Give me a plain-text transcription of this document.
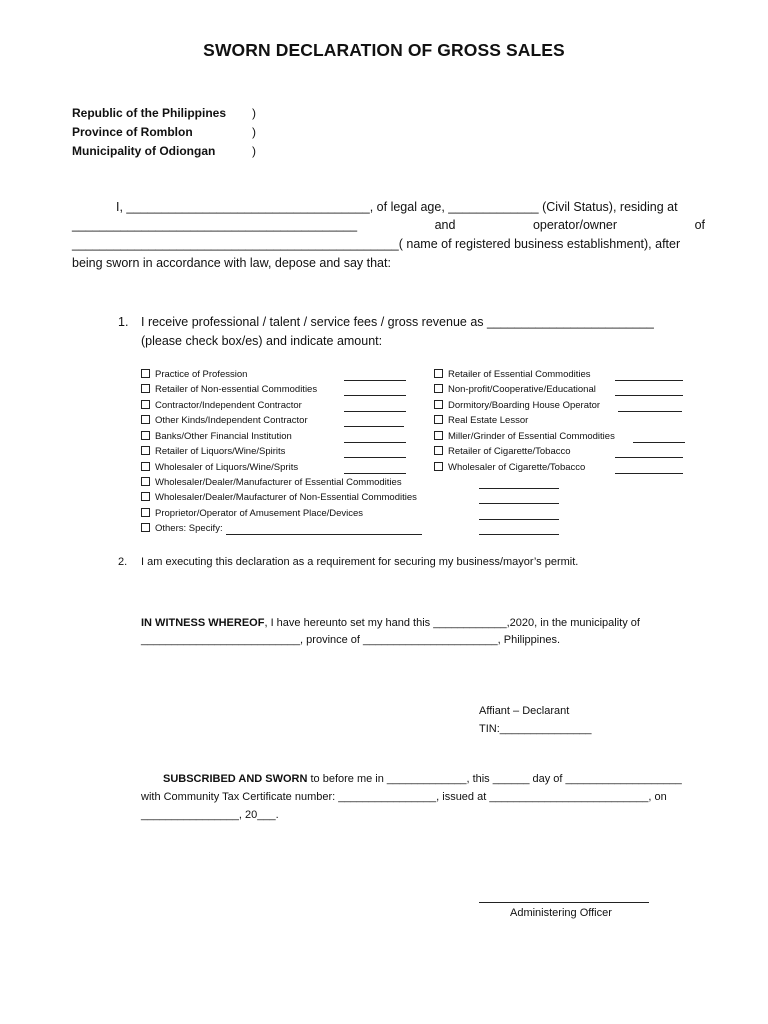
SWORN DECLARATION OF GROSS SALES
Republic of the Philippines )
Province of Romblon	)
Municipality of Odiongan	)
I, ___________________________________, of legal age, _____________ (Civil Status), residing at
_________________________________________	and	operator/owner	of
_______________________________________________( name of registered business establishment), after
being sworn in accordance with law, depose and say that:
1. I receive professional / talent / service fees / gross revenue as ________________________
(please check box/es) and indicate amount:
Practice of Profession
Retailer of Non-essential Commodities
Contractor/Independent Contractor
Other Kinds/Independent Contractor
Banks/Other Financial Institution
Retailer of Liquors/Wine/Spirits
Wholesaler of Liquors/Wine/Sprits
Retailer of Essential Commodities
Non-profit/Cooperative/Educational
Dormitory/Boarding House Operator
Real Estate Lessor
Miller/Grinder of Essential Commodities
Retailer of Cigarette/Tobacco
Wholesaler of Cigarette/Tobacco
Wholesaler/Dealer/Manufacturer of Essential Commodities
Wholesaler/Dealer/Maufacturer of Non-Essential Commodities
Proprietor/Operator of Amusement Place/Devices
Others: Specify:
2. I am executing this declaration as a requirement for securing my business/mayor’s permit.
IN WITNESS WHEREOF, I have hereunto set my hand this ____________,2020, in the municipality of
__________________________, province of ______________________, Philippines.
Affiant – Declarant
TIN:_______________
SUBSCRIBED AND SWORN to before me in _____________, this ______ day of ___________________
with Community Tax Certificate number: ________________, issued at __________________________, on
________________, 20___.
Administering Officer
